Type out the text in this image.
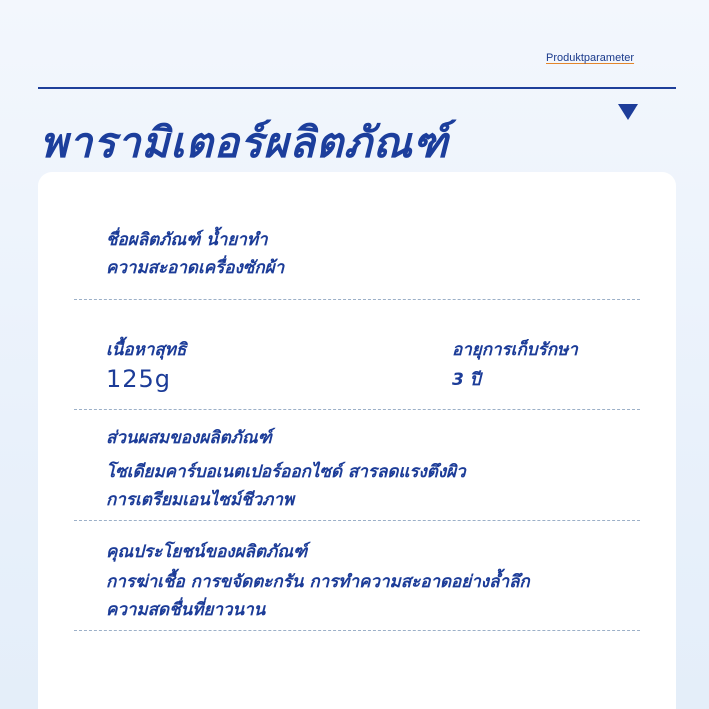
Produktparameter
พารามิเตอร์ผลิตภัณฑ์
ชื่อผลิตภัณฑ์ น้ำยาทำ
ความสะอาดเครื่องซักผ้า
เนื้อหาสุทธิ
125g
อายุการเก็บรักษา
3 ปี
ส่วนผสมของผลิตภัณฑ์
โซเดียมคาร์บอเนตเปอร์ออกไซด์ สารลดแรงตึงผิว
การเตรียมเอนไซม์ชีวภาพ
คุณประโยชน์ของผลิตภัณฑ์
การฆ่าเชื้อ การขจัดตะกรัน การทำความสะอาดอย่างล้ำลึก
ความสดชื่นที่ยาวนาน
